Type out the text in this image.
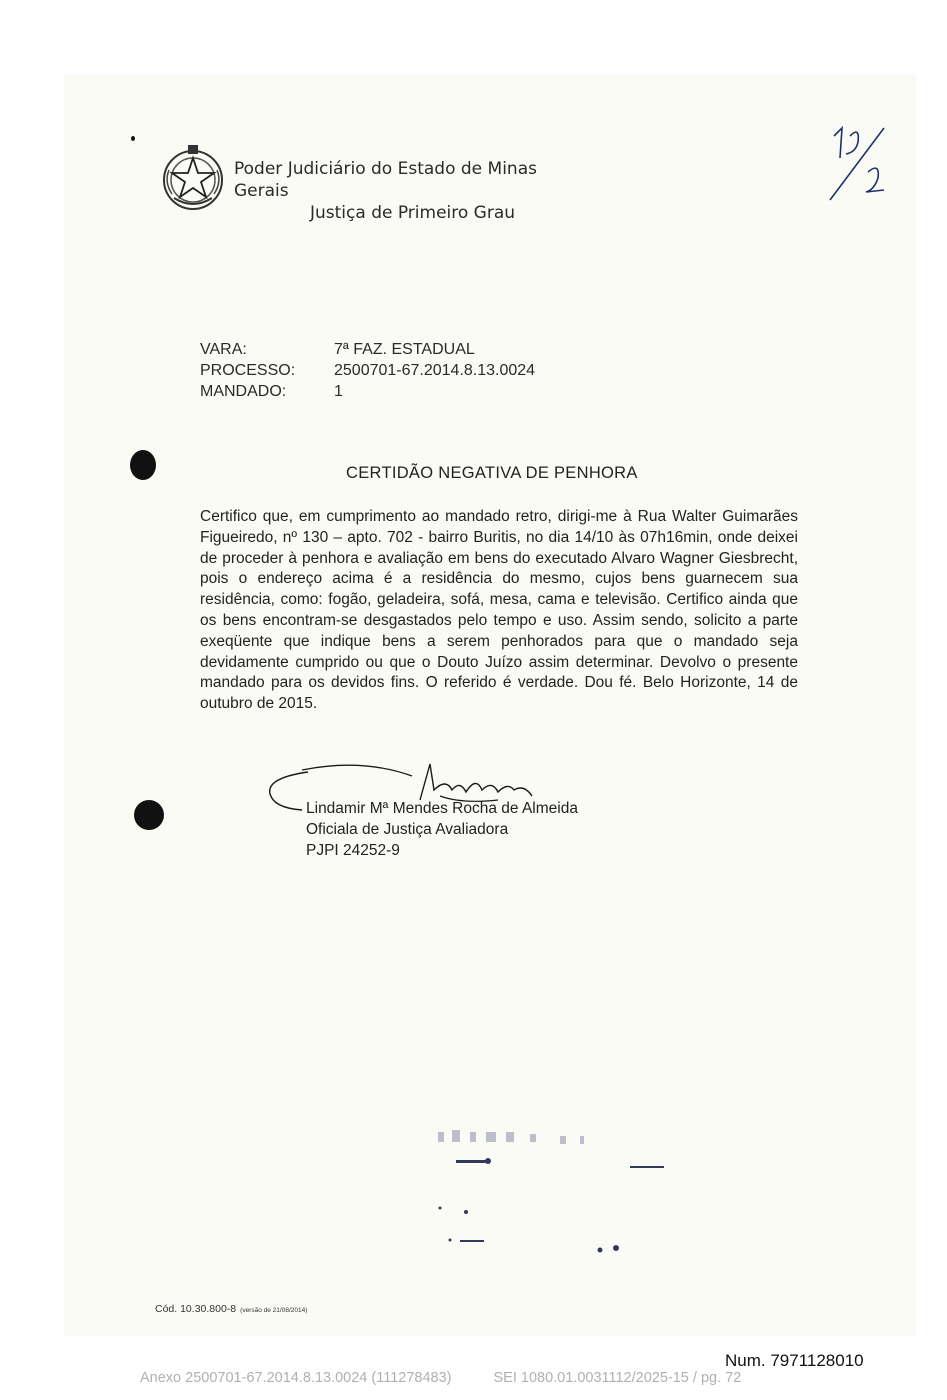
Poder Judiciário do Estado de Minas Gerais
Justiça de Primeiro Grau
VARA:	7ª FAZ. ESTADUAL
PROCESSO:	2500701-67.2014.8.13.0024
MANDADO:	1
CERTIDÃO NEGATIVA DE PENHORA
Certifico que, em cumprimento ao mandado retro, dirigi-me à Rua Walter Guimarães Figueiredo, nº 130 – apto. 702 - bairro Buritis, no dia 14/10 às 07h16min, onde deixei de proceder à penhora e avaliação em bens do executado Alvaro Wagner Giesbrecht, pois o endereço acima é a residência do mesmo, cujos bens guarnecem sua residência, como: fogão, geladeira, sofá, mesa, cama e televisão. Certifico ainda que os bens encontram-se desgastados pelo tempo e uso. Assim sendo, solicito a parte exeqüente que indique bens a serem penhorados para que o mandado seja devidamente cumprido ou que o Douto Juízo assim determinar. Devolvo o presente mandado para os devidos fins. O referido é verdade. Dou fé. Belo Horizonte, 14 de outubro de 2015.
Lindamir Mª Mendes Rocha de Almeida
Oficiala de Justiça Avaliadora
PJPI 24252-9
Cód. 10.30.800-8 (versão de 21/08/2014)
Num. 7971128010
Anexo 2500701-67.2014.8.13.0024 (111278483)	SEI 1080.01.0031112/2025-15 / pg. 72
